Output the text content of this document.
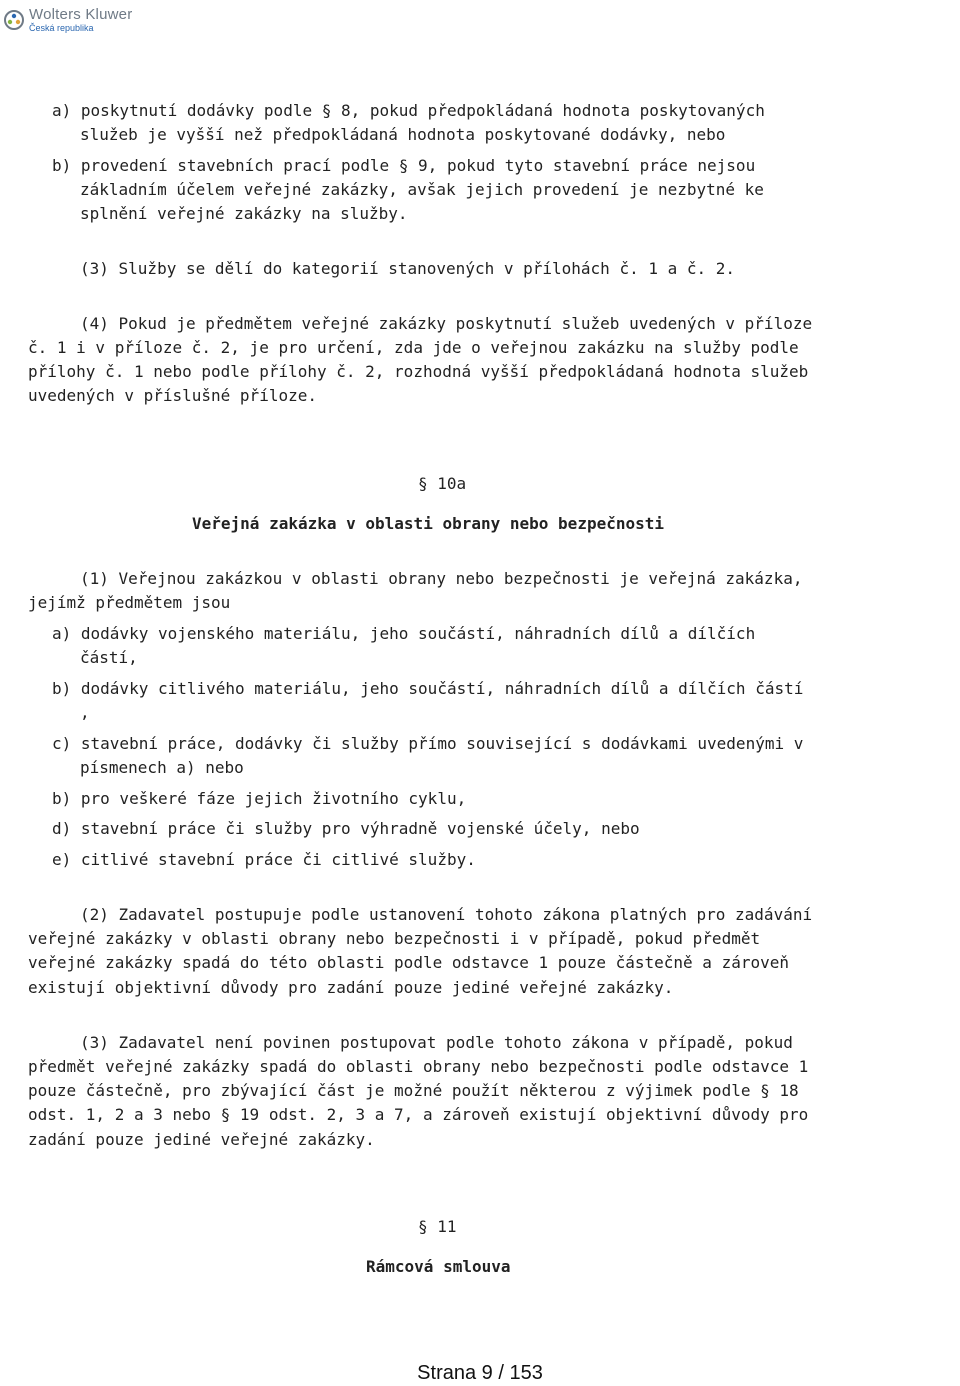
Wolters Kluwer
Česká republika
a) poskytnutí dodávky podle § 8, pokud předpokládaná hodnota poskytovaných
služeb je vyšší než předpokládaná hodnota poskytované dodávky, nebo
b) provedení stavebních prací podle § 9, pokud tyto stavební práce nejsou
základním účelem veřejné zakázky, avšak jejich provedení je nezbytné ke
splnění veřejné zakázky na služby.
(3) Služby se dělí do kategorií stanovených v přílohách č. 1 a č. 2.
(4) Pokud je předmětem veřejné zakázky poskytnutí služeb uvedených v příloze
č. 1 i v příloze č. 2, je pro určení, zda jde o veřejnou zakázku na služby podle
přílohy č. 1 nebo podle přílohy č. 2, rozhodná vyšší předpokládaná hodnota služeb
uvedených v příslušné příloze.
§ 10a
Veřejná zakázka v oblasti obrany nebo bezpečnosti
(1) Veřejnou zakázkou v oblasti obrany nebo bezpečnosti je veřejná zakázka,
jejímž předmětem jsou
a) dodávky vojenského materiálu, jeho součástí, náhradních dílů a dílčích
částí,
b) dodávky citlivého materiálu, jeho součástí, náhradních dílů a dílčích částí
,
c) stavební práce, dodávky či služby přímo související s dodávkami uvedenými v
písmenech a) nebo
b) pro veškeré fáze jejich životního cyklu,
d) stavební práce či služby pro výhradně vojenské účely, nebo
e) citlivé stavební práce či citlivé služby.
(2) Zadavatel postupuje podle ustanovení tohoto zákona platných pro zadávání
veřejné zakázky v oblasti obrany nebo bezpečnosti i v případě, pokud předmět
veřejné zakázky spadá do této oblasti podle odstavce 1 pouze částečně a zároveň
existují objektivní důvody pro zadání pouze jediné veřejné zakázky.
(3) Zadavatel není povinen postupovat podle tohoto zákona v případě, pokud
předmět veřejné zakázky spadá do oblasti obrany nebo bezpečnosti podle odstavce 1
pouze částečně, pro zbývající část je možné použít některou z výjimek podle § 18
odst. 1, 2 a 3 nebo § 19 odst. 2, 3 a 7, a zároveň existují objektivní důvody pro
zadání pouze jediné veřejné zakázky.
§ 11
Rámcová smlouva
Strana 9 / 153
